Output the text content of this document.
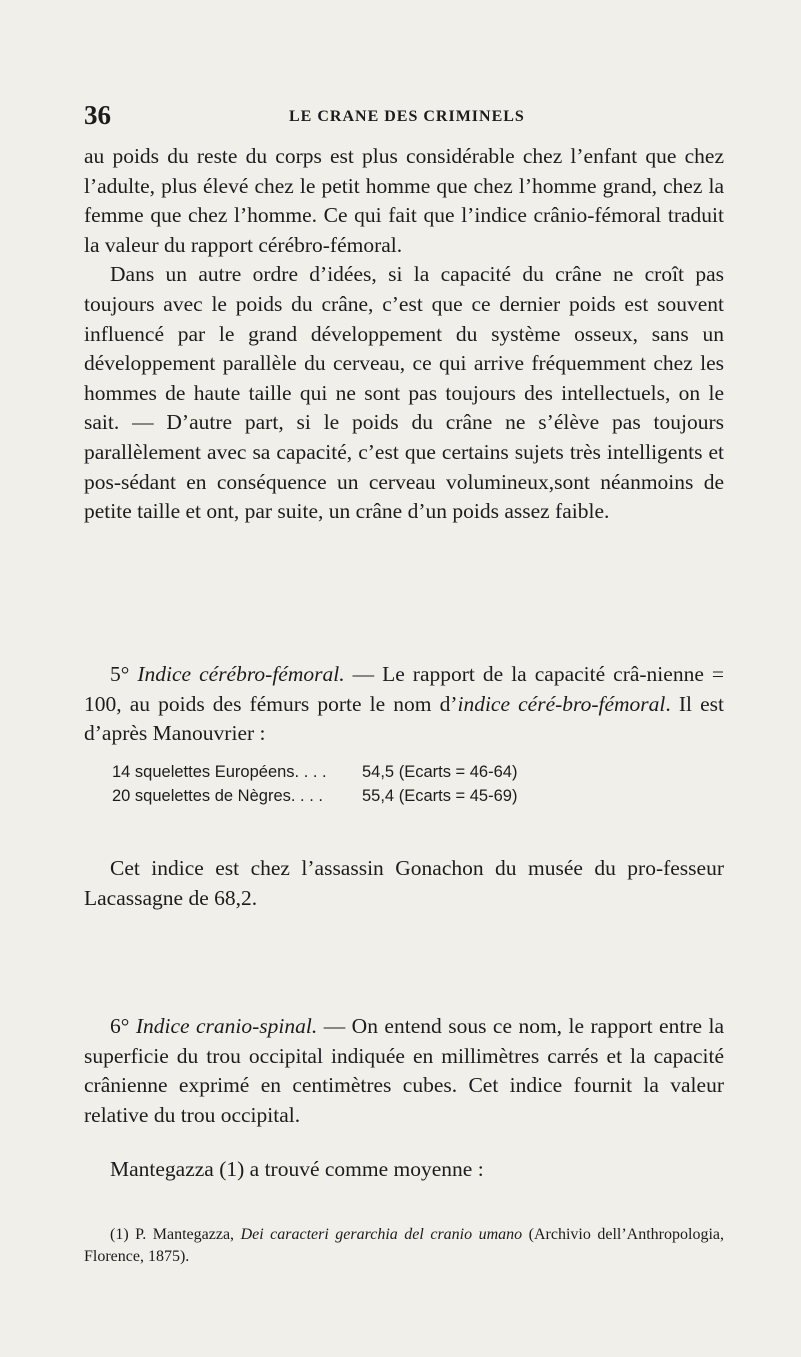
36	LE CRANE DES CRIMINELS

au poids du reste du corps est plus considérable chez l’enfant que chez l’adulte, plus élevé chez le petit homme que chez l’homme grand, chez la femme que chez l’homme. Ce qui fait que l’indice crânio-fémoral traduit la valeur du rapport cérébro-fémoral.

Dans un autre ordre d’idées, si la capacité du crâne ne croît pas toujours avec le poids du crâne, c’est que ce dernier poids est souvent influencé par le grand développement du système osseux, sans un développement parallèle du cerveau, ce qui arrive fréquemment chez les hommes de haute taille qui ne sont pas toujours des intellectuels, on le sait. — D’autre part, si le poids du crâne ne s’élève pas toujours parallèlement avec sa capacité, c’est que certains sujets très intelligents et pos-sédant en conséquence un cerveau volumineux,sont néanmoins de petite taille et ont, par suite, un crâne d’un poids assez faible.

5° Indice cérébro-fémoral. — Le rapport de la capacité crâ-nienne = 100, au poids des fémurs porte le nom d’indice céré-bro-fémoral. Il est d’après Manouvrier :

14 squelettes Européens. . . . 54,5 (Ecarts = 46-64)
20 squelettes de Nègres. . . . 55,4 (Ecarts = 45-69)

Cet indice est chez l’assassin Gonachon du musée du pro-fesseur Lacassagne de 68,2.

6° Indice cranio-spinal. — On entend sous ce nom, le rapport entre la superficie du trou occipital indiquée en millimètres carrés et la capacité crânienne exprimé en centimètres cubes. Cet indice fournit la valeur relative du trou occipital.

Mantegazza (1) a trouvé comme moyenne :

(1) P. Mantegazza, Dei caracteri gerarchia del cranio umano (Archivio dell’Anthropologia, Florence, 1875).
